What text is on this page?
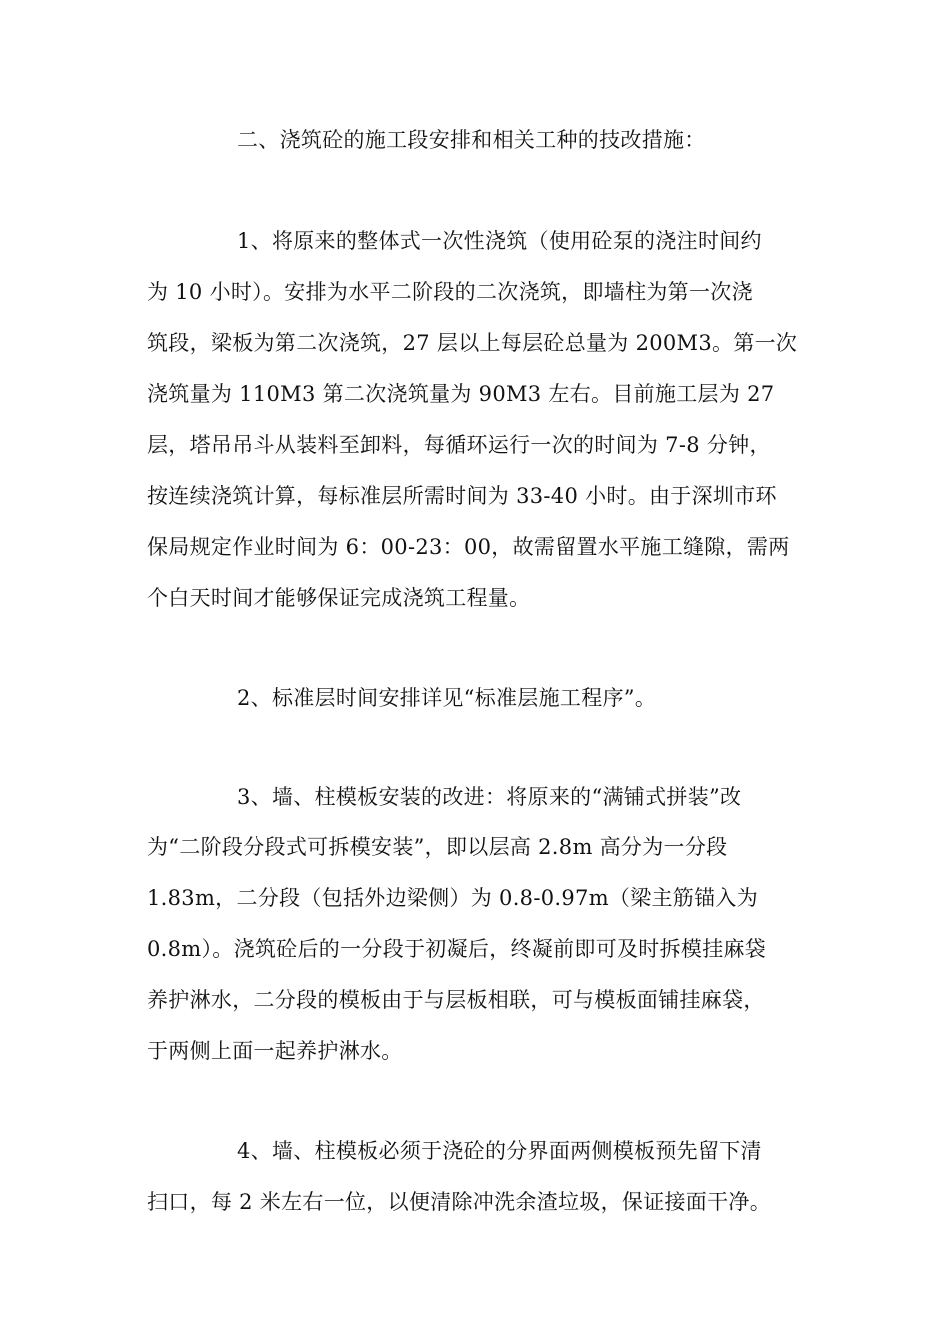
二、浇筑砼的施工段安排和相关工种的技改措施：
1、将原来的整体式一次性浇筑（使用砼泵的浇注时间约
为 10 小时）。安排为水平二阶段的二次浇筑，即墙柱为第一次浇
筑段，梁板为第二次浇筑，27 层以上每层砼总量为 200M3。第一次
浇筑量为 110M3 第二次浇筑量为 90M3 左右。目前施工层为 27
层，塔吊吊斗从装料至卸料，每循环运行一次的时间为 7-8 分钟，
按连续浇筑计算，每标准层所需时间为 33-40 小时。由于深圳市环
保局规定作业时间为 6：00-23：00，故需留置水平施工缝隙，需两
个白天时间才能够保证完成浇筑工程量。
2、标准层时间安排详见“标准层施工程序”。
3、墙、柱模板安装的改进：将原来的“满铺式拼装”改
为“二阶段分段式可拆模安装”，即以层高 2.8m 高分为一分段
1.83m，二分段（包括外边梁侧）为 0.8-0.97m（梁主筋锚入为
0.8m）。浇筑砼后的一分段于初凝后，终凝前即可及时拆模挂麻袋
养护淋水，二分段的模板由于与层板相联，可与模板面铺挂麻袋，
于两侧上面一起养护淋水。
4、墙、柱模板必须于浇砼的分界面两侧模板预先留下清
扫口，每 2 米左右一位，以便清除冲洗余渣垃圾，保证接面干净。
